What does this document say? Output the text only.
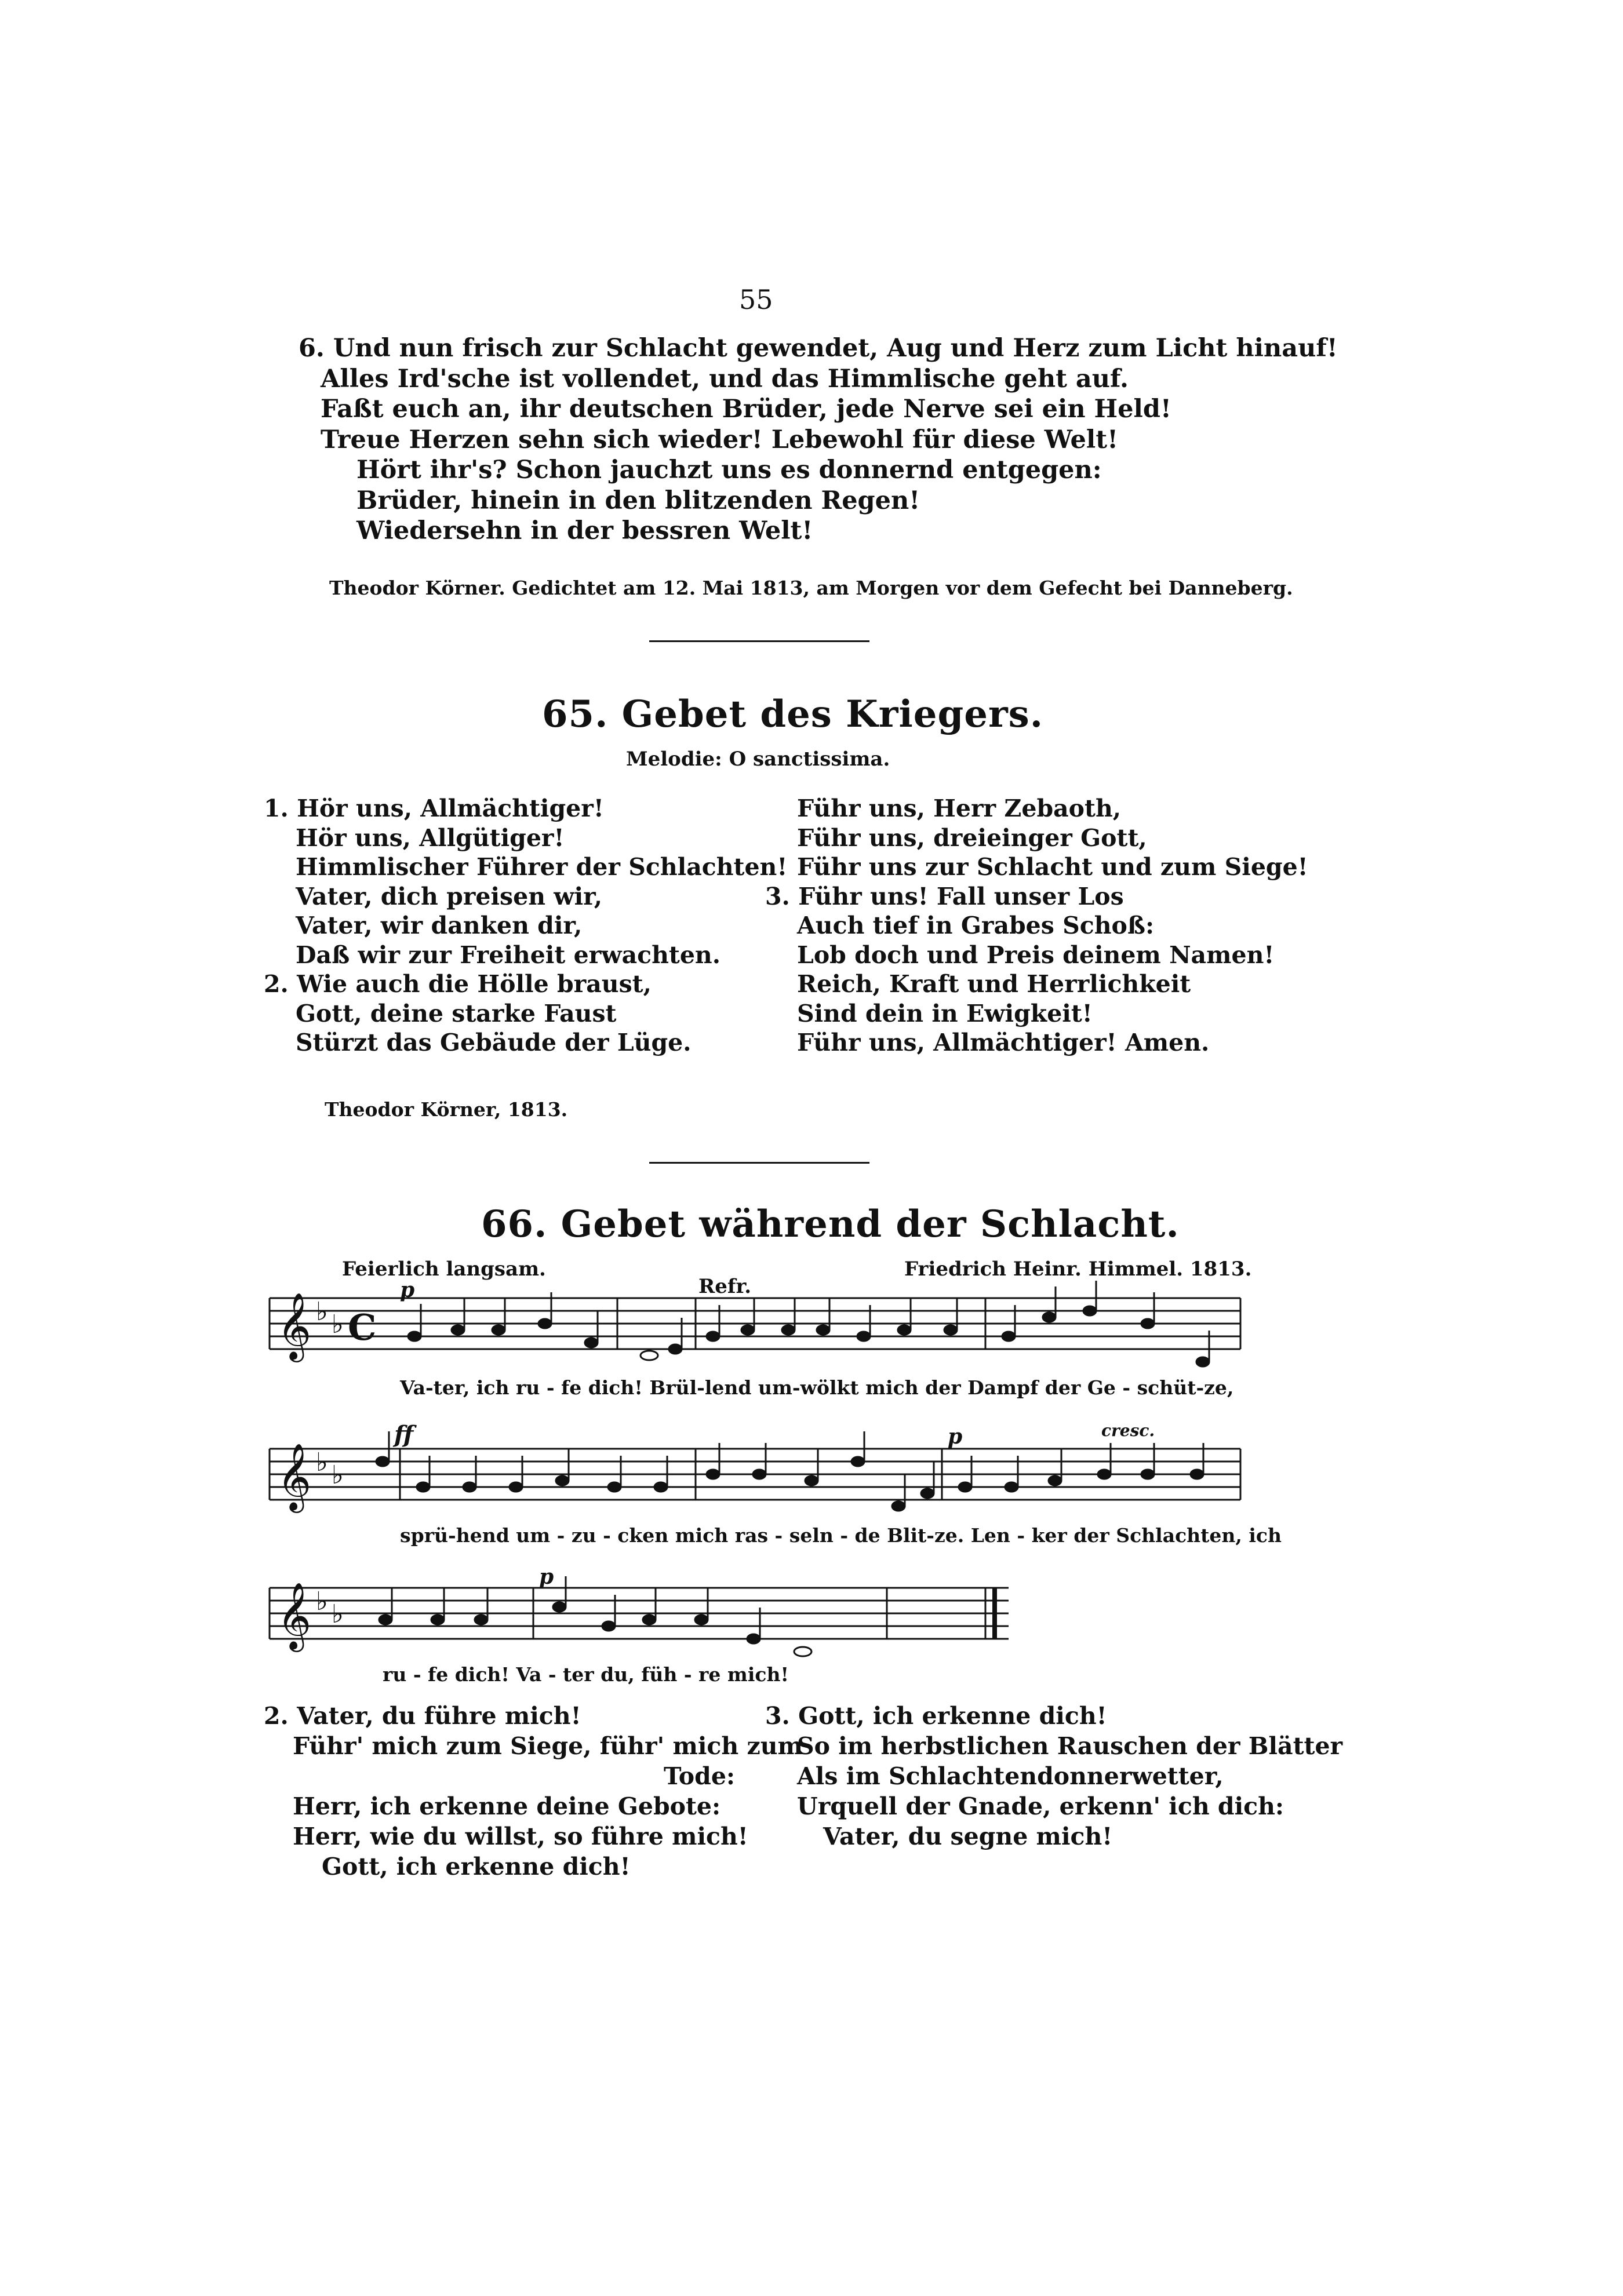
55
6. Und nun frisch zur Schlacht gewendet, Aug und Herz zum Licht hinauf!
Alles Ird'sche ist vollendet, und das Himmlische geht auf.
Faßt euch an, ihr deutschen Brüder, jede Nerve sei ein Held!
Treue Herzen sehn sich wieder! Lebewohl für diese Welt!
Hört ihr's? Schon jauchzt uns es donnernd entgegen:
Brüder, hinein in den blitzenden Regen!
Wiedersehn in der bessren Welt!
Theodor Körner. Gedichtet am 12. Mai 1813, am Morgen vor dem Gefecht bei Danneberg.
65. Gebet des Kriegers.
Melodie: O sanctissima.
1. Hör uns, Allmächtiger!
Hör uns, Allgütiger!
Himmlischer Führer der Schlachten!
Vater, dich preisen wir,
Vater, wir danken dir,
Daß wir zur Freiheit erwachten.
2. Wie auch die Hölle braust,
Gott, deine starke Faust
Stürzt das Gebäude der Lüge.
Führ uns, Herr Zebaoth,
Führ uns, dreieinger Gott,
Führ uns zur Schlacht und zum Siege!
3. Führ uns! Fall unser Los
Auch tief in Grabes Schoß:
Lob doch und Preis deinem Namen!
Reich, Kraft und Herrlichkeit
Sind dein in Ewigkeit!
Führ uns, Allmächtiger! Amen.
Theodor Körner, 1813.
66. Gebet während der Schlacht.
Feierlich langsam.	Friedrich Heinr. Himmel. 1813.
𝄞 ♭ ♭ C
𝄞 ♭ ♭
𝄞 ♭ ♭
p	Refr.
ff	p	cresc.
p
Va-ter, ich ru - fe dich! Brül-lend um-wölkt mich der Dampf der Ge - schüt-ze,
sprü-hend um - zu - cken mich ras - seln - de Blit-ze. Len - ker der Schlachten, ich
ru - fe dich! Va - ter du, füh - re mich!
2. Vater, du führe mich!
Führ' mich zum Siege, führ' mich zum
Tode:
Herr, ich erkenne deine Gebote:
Herr, wie du willst, so führe mich!
Gott, ich erkenne dich!
3. Gott, ich erkenne dich!
So im herbstlichen Rauschen der Blätter
Als im Schlachtendonnerwetter,
Urquell der Gnade, erkenn' ich dich:
Vater, du segne mich!
